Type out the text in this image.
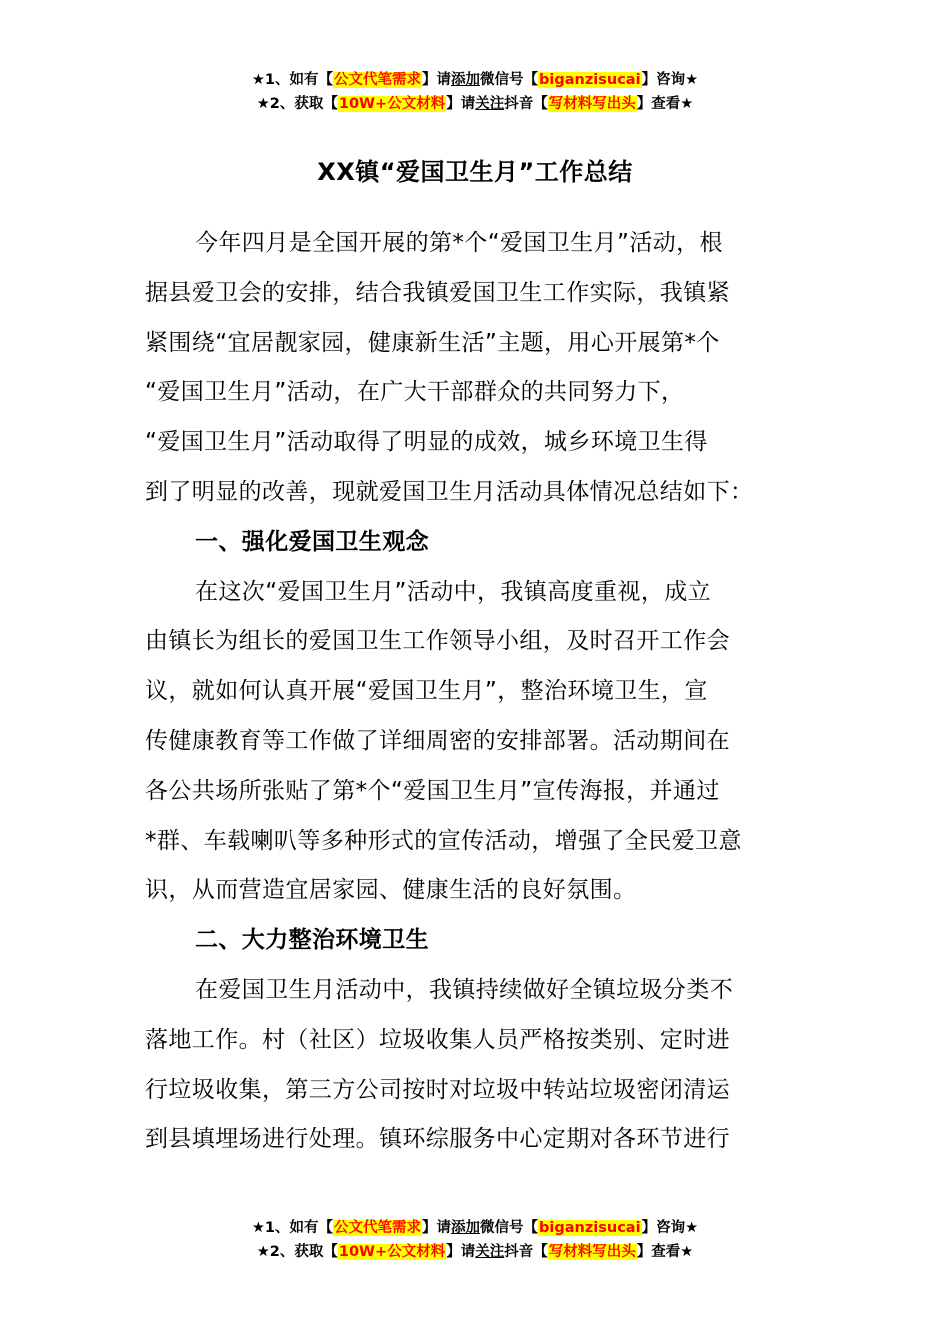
★1、如有【公文代笔需求】请添加微信号【biganzisucai】咨询★
★2、获取【10W+公文材料】请关注抖音【写材料写出头】查看★
XX镇“爱国卫生月”工作总结
今年四月是全国开展的第*个“爱国卫生月”活动，根
据县爱卫会的安排，结合我镇爱国卫生工作实际，我镇紧
紧围绕“宜居靓家园，健康新生活”主题，用心开展第*个
“爱国卫生月”活动，在广大干部群众的共同努力下，
“爱国卫生月”活动取得了明显的成效，城乡环境卫生得
到了明显的改善，现就爱国卫生月活动具体情况总结如下：
一、强化爱国卫生观念
在这次“爱国卫生月”活动中，我镇高度重视，成立
由镇长为组长的爱国卫生工作领导小组，及时召开工作会
议，就如何认真开展“爱国卫生月”，整治环境卫生，宣
传健康教育等工作做了详细周密的安排部署。活动期间在
各公共场所张贴了第*个“爱国卫生月”宣传海报，并通过
*群、车载喇叭等多种形式的宣传活动，增强了全民爱卫意
识，从而营造宜居家园、健康生活的良好氛围。
二、大力整治环境卫生
在爱国卫生月活动中，我镇持续做好全镇垃圾分类不
落地工作。村（社区）垃圾收集人员严格按类别、定时进
行垃圾收集，第三方公司按时对垃圾中转站垃圾密闭清运
到县填埋场进行处理。镇环综服务中心定期对各环节进行
★1、如有【公文代笔需求】请添加微信号【biganzisucai】咨询★
★2、获取【10W+公文材料】请关注抖音【写材料写出头】查看★
